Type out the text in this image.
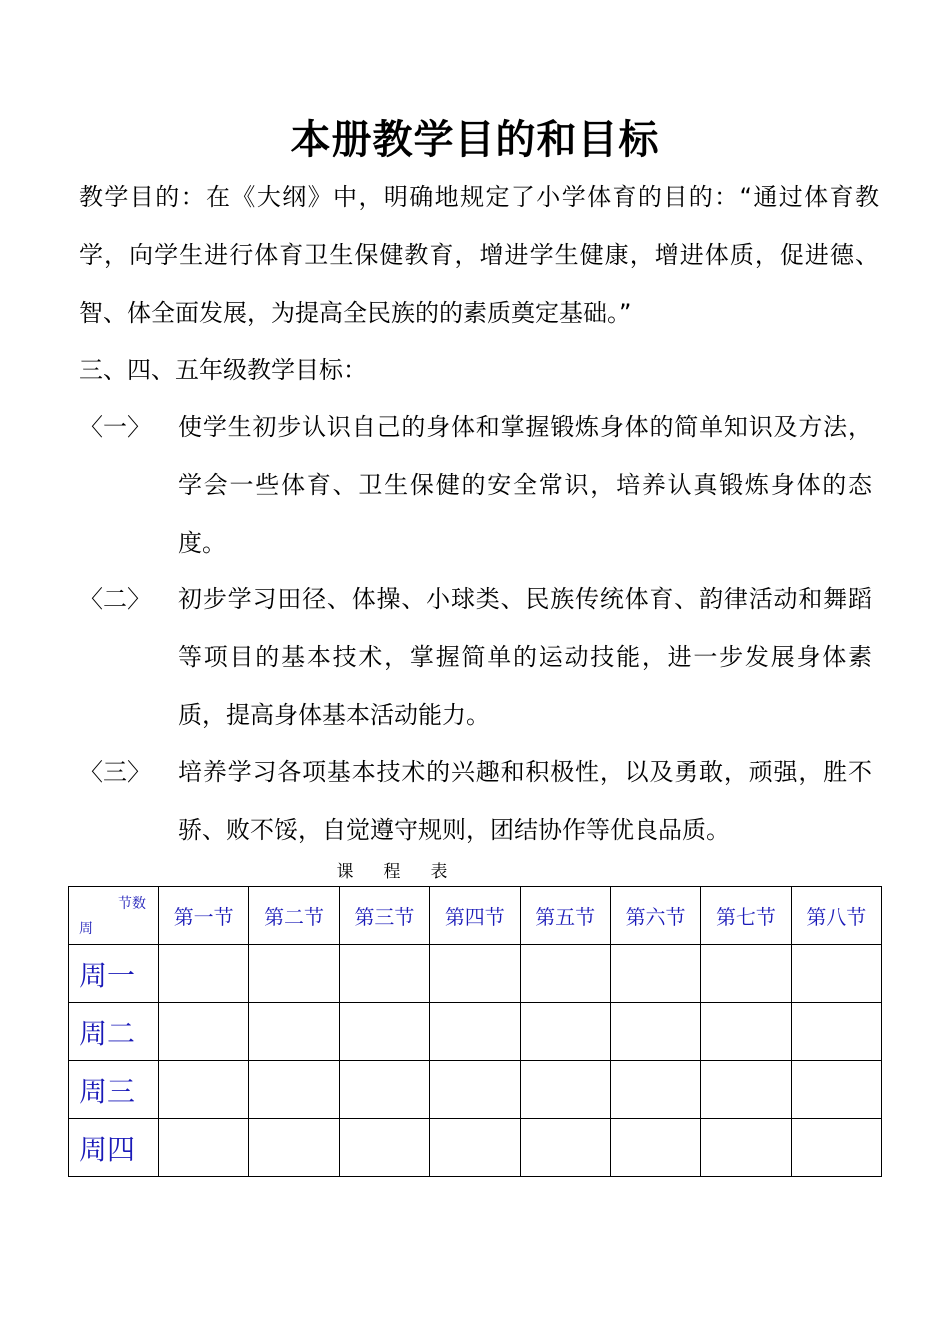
本册教学目的和目标
教学目的：在《大纲》中，明确地规定了小学体育的目的：“通过体育教学，向学生进行体育卫生保健教育，增进学生健康，增进体质，促进德、智、体全面发展，为提高全民族的的素质奠定基础。”
三、四、五年级教学目标：
〈一〉	使学生初步认识自己的身体和掌握锻炼身体的简单知识及方法，学会一些体育、卫生保健的安全常识，培养认真锻炼身体的态度。
〈二〉	初步学习田径、体操、小球类、民族传统体育、韵律活动和舞蹈等项目的基本技术，掌握简单的运动技能，进一步发展身体素质，提高身体基本活动能力。
〈三〉	培养学习各项基本技术的兴趣和积极性，以及勇敢，顽强，胜不骄、败不馁，自觉遵守规则，团结协作等优良品质。
课程表
节数
周	第一节	第二节	第三节	第四节	第五节	第六节	第七节	第八节
周一								
周二								
周三								
周四								
